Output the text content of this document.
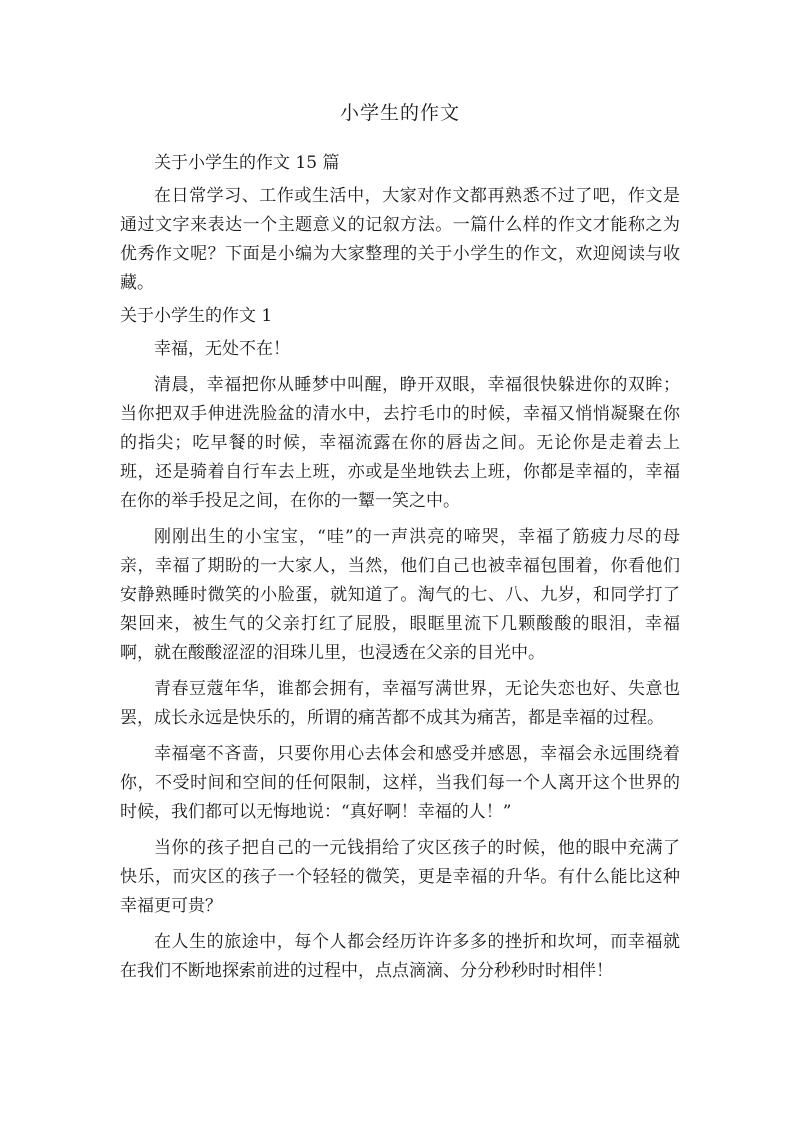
小学生的作文

关于小学生的作文 15 篇

在日常学习、工作或生活中，大家对作文都再熟悉不过了吧，作文是通过文字来表达一个主题意义的记叙方法。一篇什么样的作文才能称之为优秀作文呢？下面是小编为大家整理的关于小学生的作文，欢迎阅读与收藏。

关于小学生的作文 1

幸福，无处不在！

清晨，幸福把你从睡梦中叫醒，睁开双眼，幸福很快躲进你的双眸；当你把双手伸进洗脸盆的清水中，去拧毛巾的时候，幸福又悄悄凝聚在你的指尖；吃早餐的时候，幸福流露在你的唇齿之间。无论你是走着去上班，还是骑着自行车去上班，亦或是坐地铁去上班，你都是幸福的，幸福在你的举手投足之间，在你的一颦一笑之中。

刚刚出生的小宝宝，“哇”的一声洪亮的啼哭，幸福了筋疲力尽的母亲，幸福了期盼的一大家人，当然，他们自己也被幸福包围着，你看他们安静熟睡时微笑的小脸蛋，就知道了。淘气的七、八、九岁，和同学打了架回来，被生气的父亲打红了屁股，眼眶里流下几颗酸酸的眼泪，幸福啊，就在酸酸涩涩的泪珠儿里，也浸透在父亲的目光中。

青春豆蔻年华，谁都会拥有，幸福写满世界，无论失恋也好、失意也罢，成长永远是快乐的，所谓的痛苦都不成其为痛苦，都是幸福的过程。

幸福毫不吝啬，只要你用心去体会和感受并感恩，幸福会永远围绕着你，不受时间和空间的任何限制，这样，当我们每一个人离开这个世界的时候，我们都可以无悔地说：“真好啊！幸福的人！”

当你的孩子把自己的一元钱捐给了灾区孩子的时候，他的眼中充满了快乐，而灾区的孩子一个轻轻的微笑，更是幸福的升华。有什么能比这种幸福更可贵？

在人生的旅途中，每个人都会经历许许多多的挫折和坎坷，而幸福就在我们不断地探索前进的过程中，点点滴滴、分分秒秒时时相伴！
